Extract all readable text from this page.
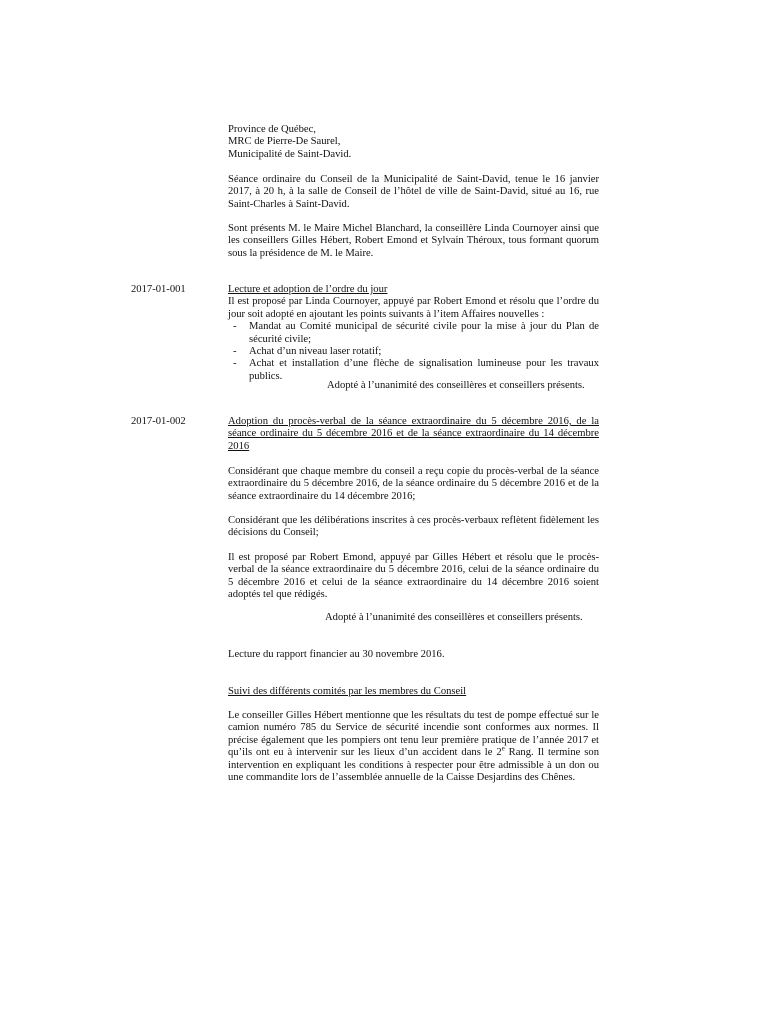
Province de Québec,
MRC de Pierre-De Saurel,
Municipalité de Saint-David.
Séance ordinaire du Conseil de la Municipalité de Saint-David, tenue le 16 janvier 2017, à 20 h, à la salle de Conseil de l’hôtel de ville de Saint-David, situé au 16, rue Saint-Charles à Saint-David.
Sont présents M. le Maire Michel Blanchard, la conseillère Linda Cournoyer ainsi que les conseillers Gilles Hébert, Robert Emond et Sylvain Théroux, tous formant quorum sous la présidence de M. le Maire.
2017-01-001	Lecture et adoption de l’ordre du jour
Il est proposé par Linda Cournoyer, appuyé par Robert Emond et résolu que l’ordre du jour soit adopté en ajoutant les points suivants à l’item Affaires nouvelles :
- Mandat au Comité municipal de sécurité civile pour la mise à jour du Plan de sécurité civile;
- Achat d’un niveau laser rotatif;
- Achat et installation d’une flèche de signalisation lumineuse pour les travaux publics.
Adopté à l’unanimité des conseillères et conseillers présents.
2017-01-002	Adoption du procès-verbal de la séance extraordinaire du 5 décembre 2016, de la séance ordinaire du 5 décembre 2016 et de la séance extraordinaire du 14 décembre 2016
Considérant que chaque membre du conseil a reçu copie du procès-verbal de la séance extraordinaire du 5 décembre 2016, de la séance ordinaire du 5 décembre 2016 et de la séance extraordinaire du 14 décembre 2016;
Considérant que les délibérations inscrites à ces procès-verbaux reflètent fidèlement les décisions du Conseil;
Il est proposé par Robert Emond, appuyé par Gilles Hébert et résolu que le procès-verbal de la séance extraordinaire du 5 décembre 2016, celui de la séance ordinaire du 5 décembre 2016 et celui de la séance extraordinaire du 14 décembre 2016 soient adoptés tel que rédigés.
Adopté à l’unanimité des conseillères et conseillers présents.
Lecture du rapport financier au 30 novembre 2016.
Suivi des différents comités par les membres du Conseil
Le conseiller Gilles Hébert mentionne que les résultats du test de pompe effectué sur le camion numéro 785 du Service de sécurité incendie sont conformes aux normes. Il précise également que les pompiers ont tenu leur première pratique de l’année 2017 et qu’ils ont eu à intervenir sur les lieux d’un accident dans le 2e Rang. Il termine son intervention en expliquant les conditions à respecter pour être admissible à un don ou une commandite lors de l’assemblée annuelle de la Caisse Desjardins des Chênes.
